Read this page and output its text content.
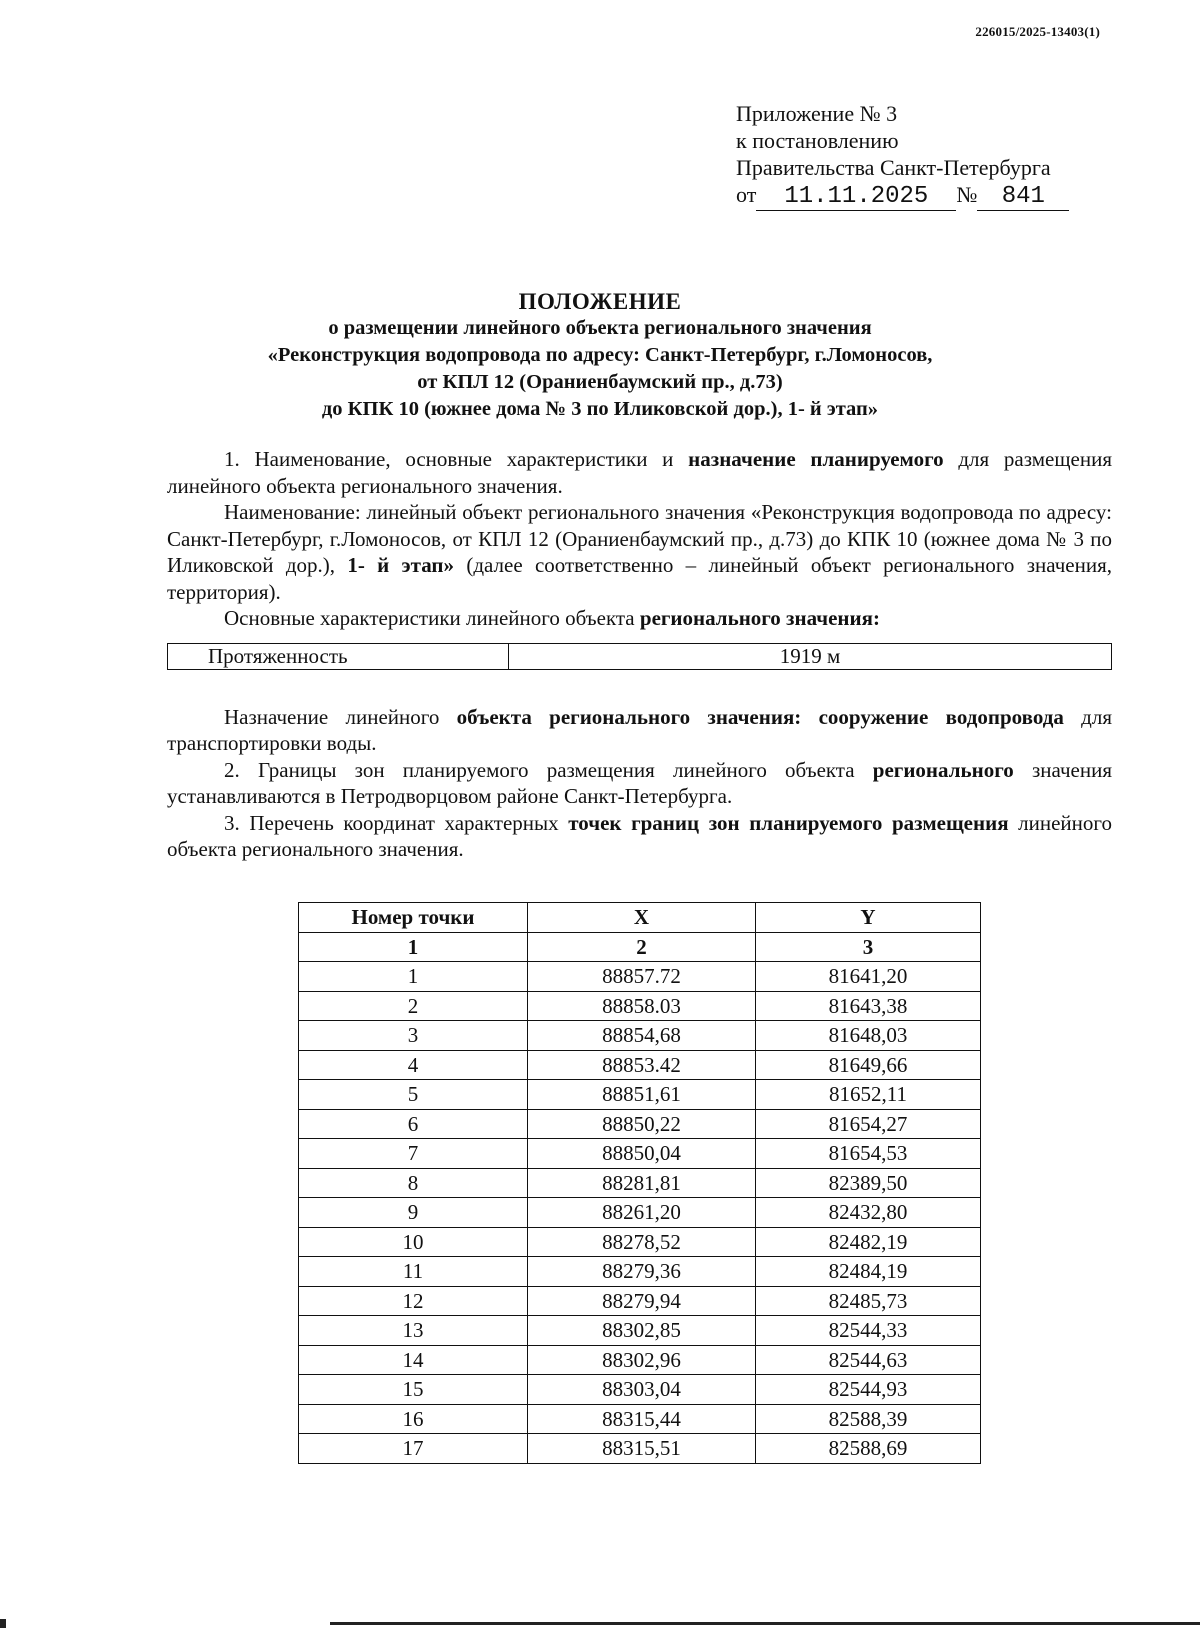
226015/2025-13403(1)
Приложение № 3
к постановлению
Правительства Санкт-Петербурга
от 11.11.2025 № 841
ПОЛОЖЕНИЕ
о размещении линейного объекта регионального значения
«Реконструкция водопровода по адресу: Санкт-Петербург, г.Ломоносов,
от КПЛ 12 (Ораниенбаумский пр., д.73)
до КПК 10 (южнее дома № 3 по Иликовской дор.), 1- й этап»

1. Наименование, основные характеристики и назначение планируемого для размещения линейного объекта регионального значения.

Наименование: линейный объект регионального значения «Реконструкция водопровода по адресу: Санкт-Петербург, г.Ломоносов, от КПЛ 12 (Ораниенбаумский пр., д.73) до КПК 10 (южнее дома № 3 по Иликовской дор.), 1- й этап» (далее соответственно – линейный объект регионального значения, территория).

Основные характеристики линейного объекта регионального значения:

Протяженность	1919 м

Назначение линейного объекта регионального значения: сооружение водопровода для транспортировки воды.

2. Границы зон планируемого размещения линейного объекта регионального значения устанавливаются в Петродворцовом районе Санкт-Петербурга.

3. Перечень координат характерных точек границ зон планируемого размещения линейного объекта регионального значения.

Номер точки	X	Y
1	2	3
1	88857.72	81641,20
2	88858.03	81643,38
3	88854,68	81648,03
4	88853.42	81649,66
5	88851,61	81652,11
6	88850,22	81654,27
7	88850,04	81654,53
8	88281,81	82389,50
9	88261,20	82432,80
10	88278,52	82482,19
11	88279,36	82484,19
12	88279,94	82485,73
13	88302,85	82544,33
14	88302,96	82544,63
15	88303,04	82544,93
16	88315,44	82588,39
17	88315,51	82588,69
